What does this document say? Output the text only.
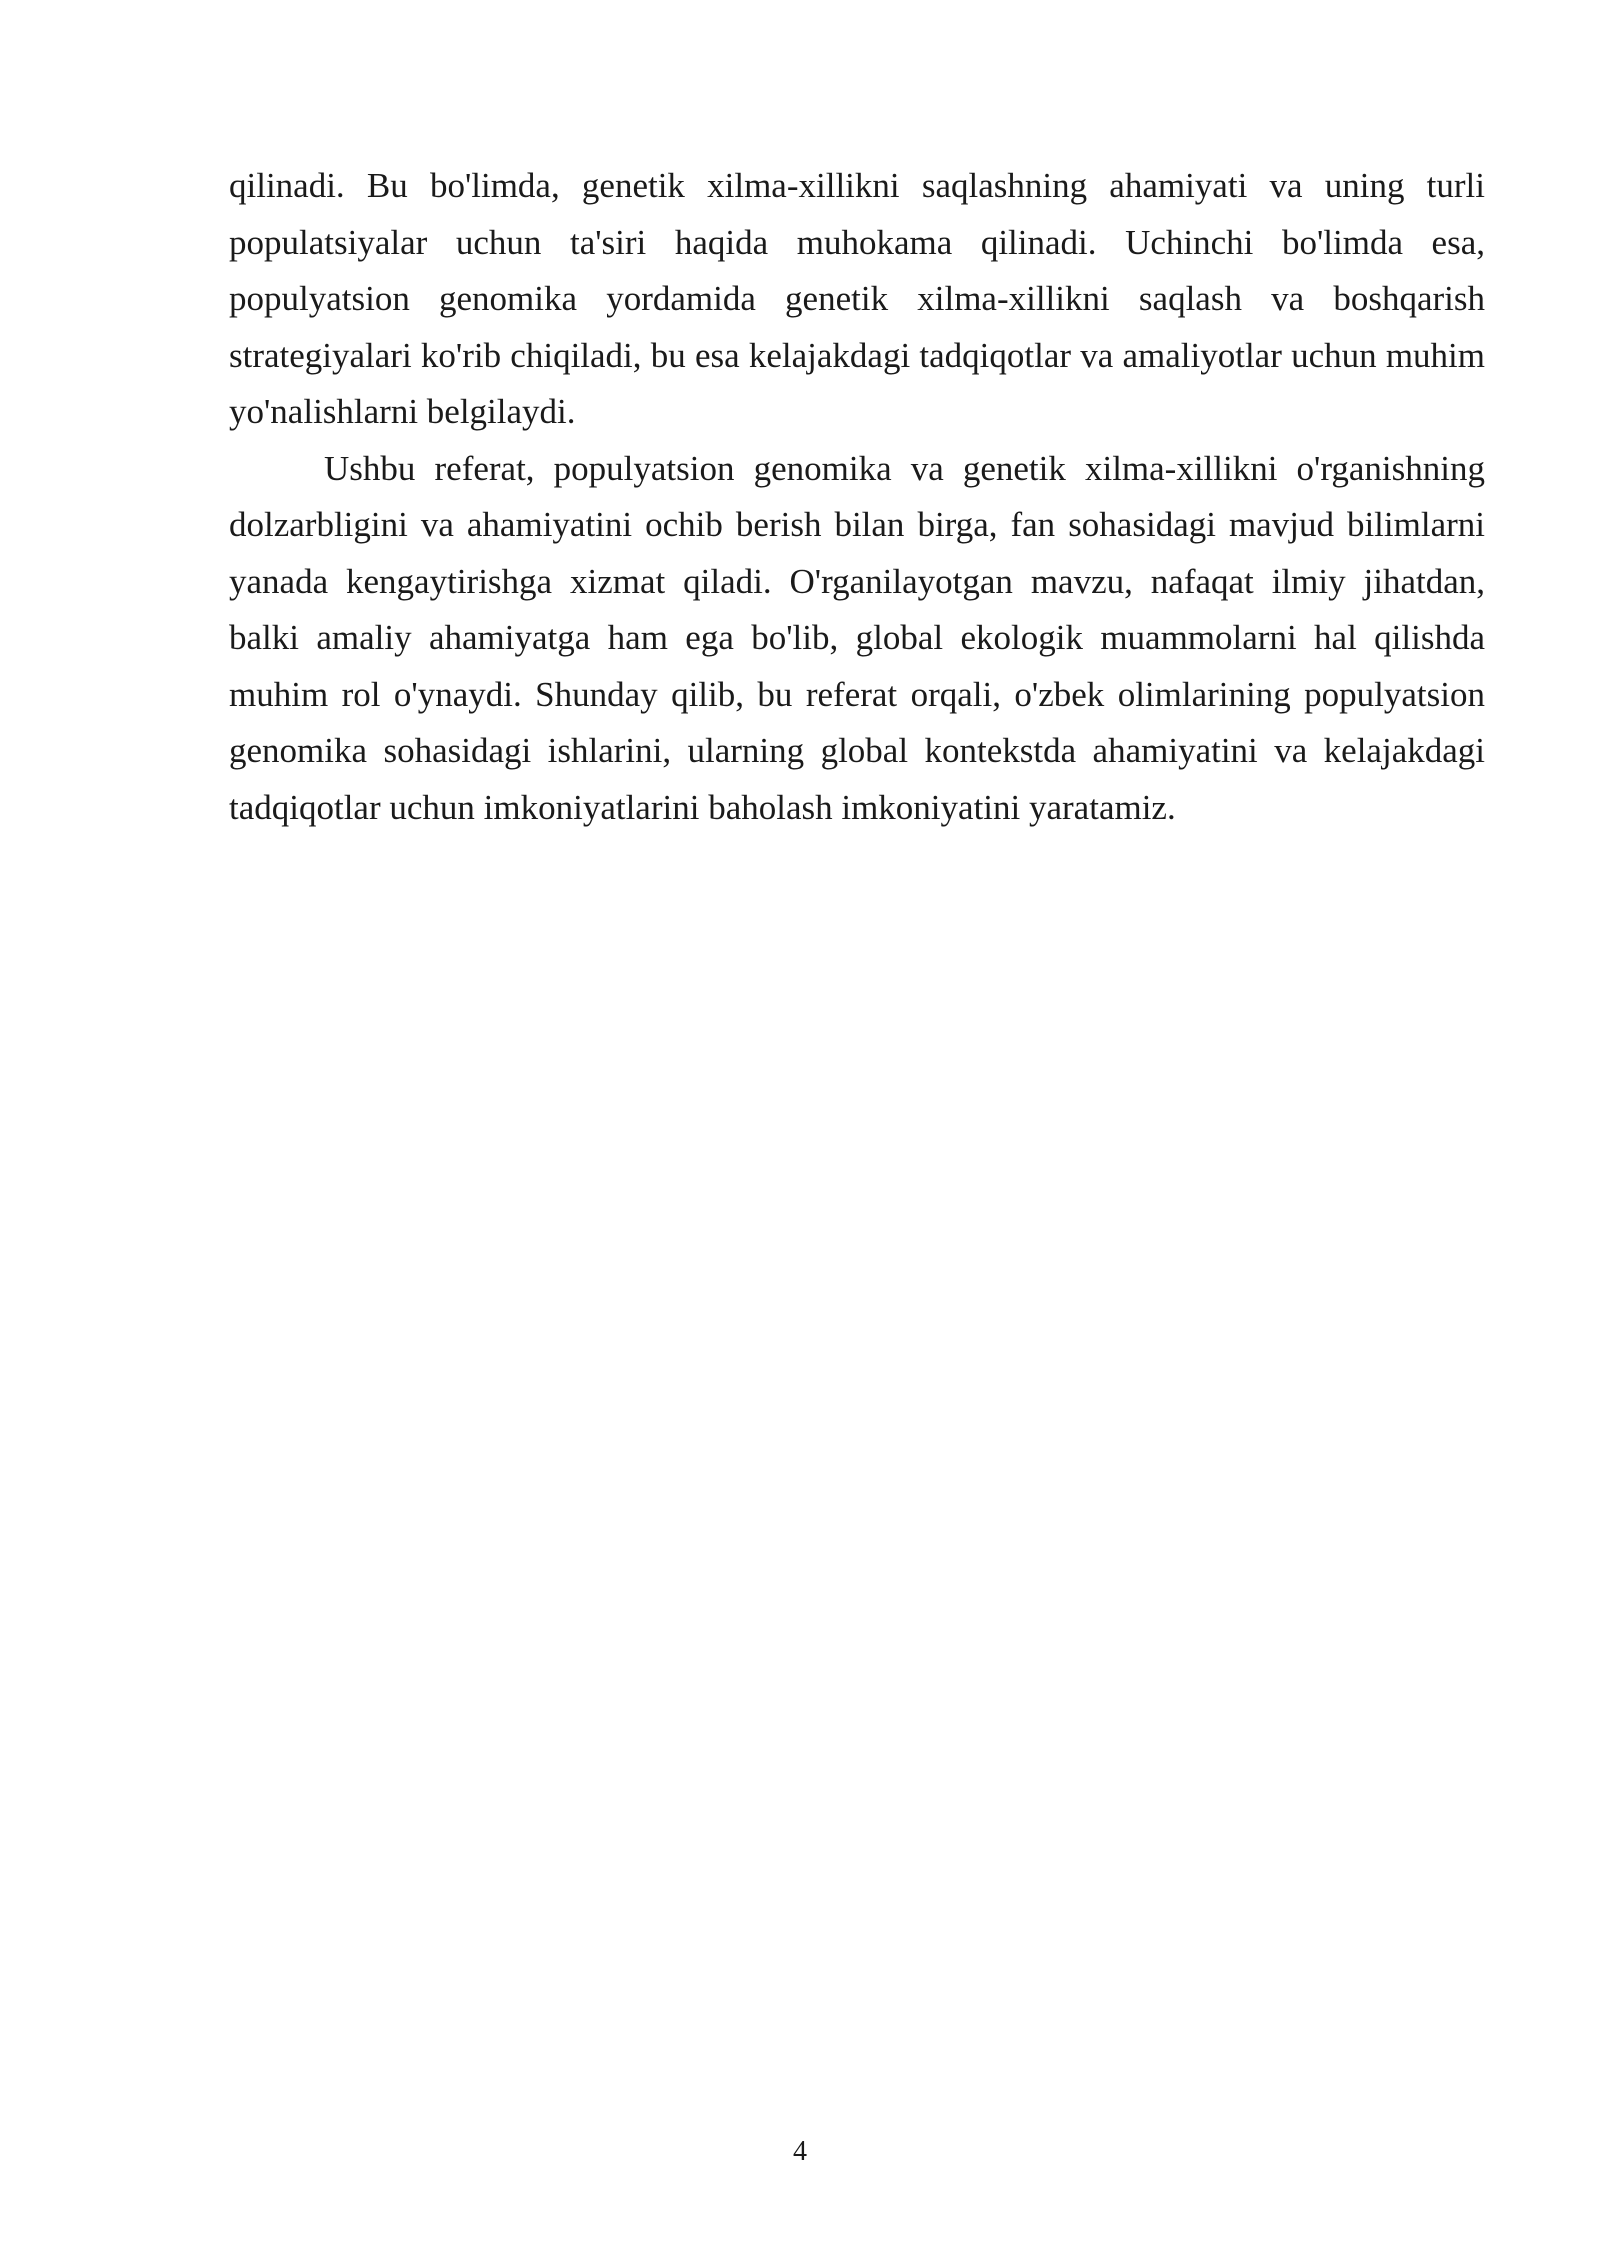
qilinadi. Bu bo'limda, genetik xilma-xillikni saqlashning ahamiyati va uning turli populatsiyalar uchun ta'siri haqida muhokama qilinadi. Uchinchi bo'limda esa, populyatsion genomika yordamida genetik xilma-xillikni saqlash va boshqarish strategiyalari ko'rib chiqiladi, bu esa kelajakdagi tadqiqotlar va amaliyotlar uchun muhim yo'nalishlarni belgilaydi.

Ushbu referat, populyatsion genomika va genetik xilma-xillikni o'rganishning dolzarbligini va ahamiyatini ochib berish bilan birga, fan sohasidagi mavjud bilimlarni yanada kengaytirishga xizmat qiladi. O'rganilayotgan mavzu, nafaqat ilmiy jihatdan, balki amaliy ahamiyatga ham ega bo'lib, global ekologik muammolarni hal qilishda muhim rol o'ynaydi. Shunday qilib, bu referat orqali, o'zbek olimlarining populyatsion genomika sohasidagi ishlarini, ularning global kontekstda ahamiyatini va kelajakdagi tadqiqotlar uchun imkoniyatlarini baholash imkoniyatini yaratamiz.

4
